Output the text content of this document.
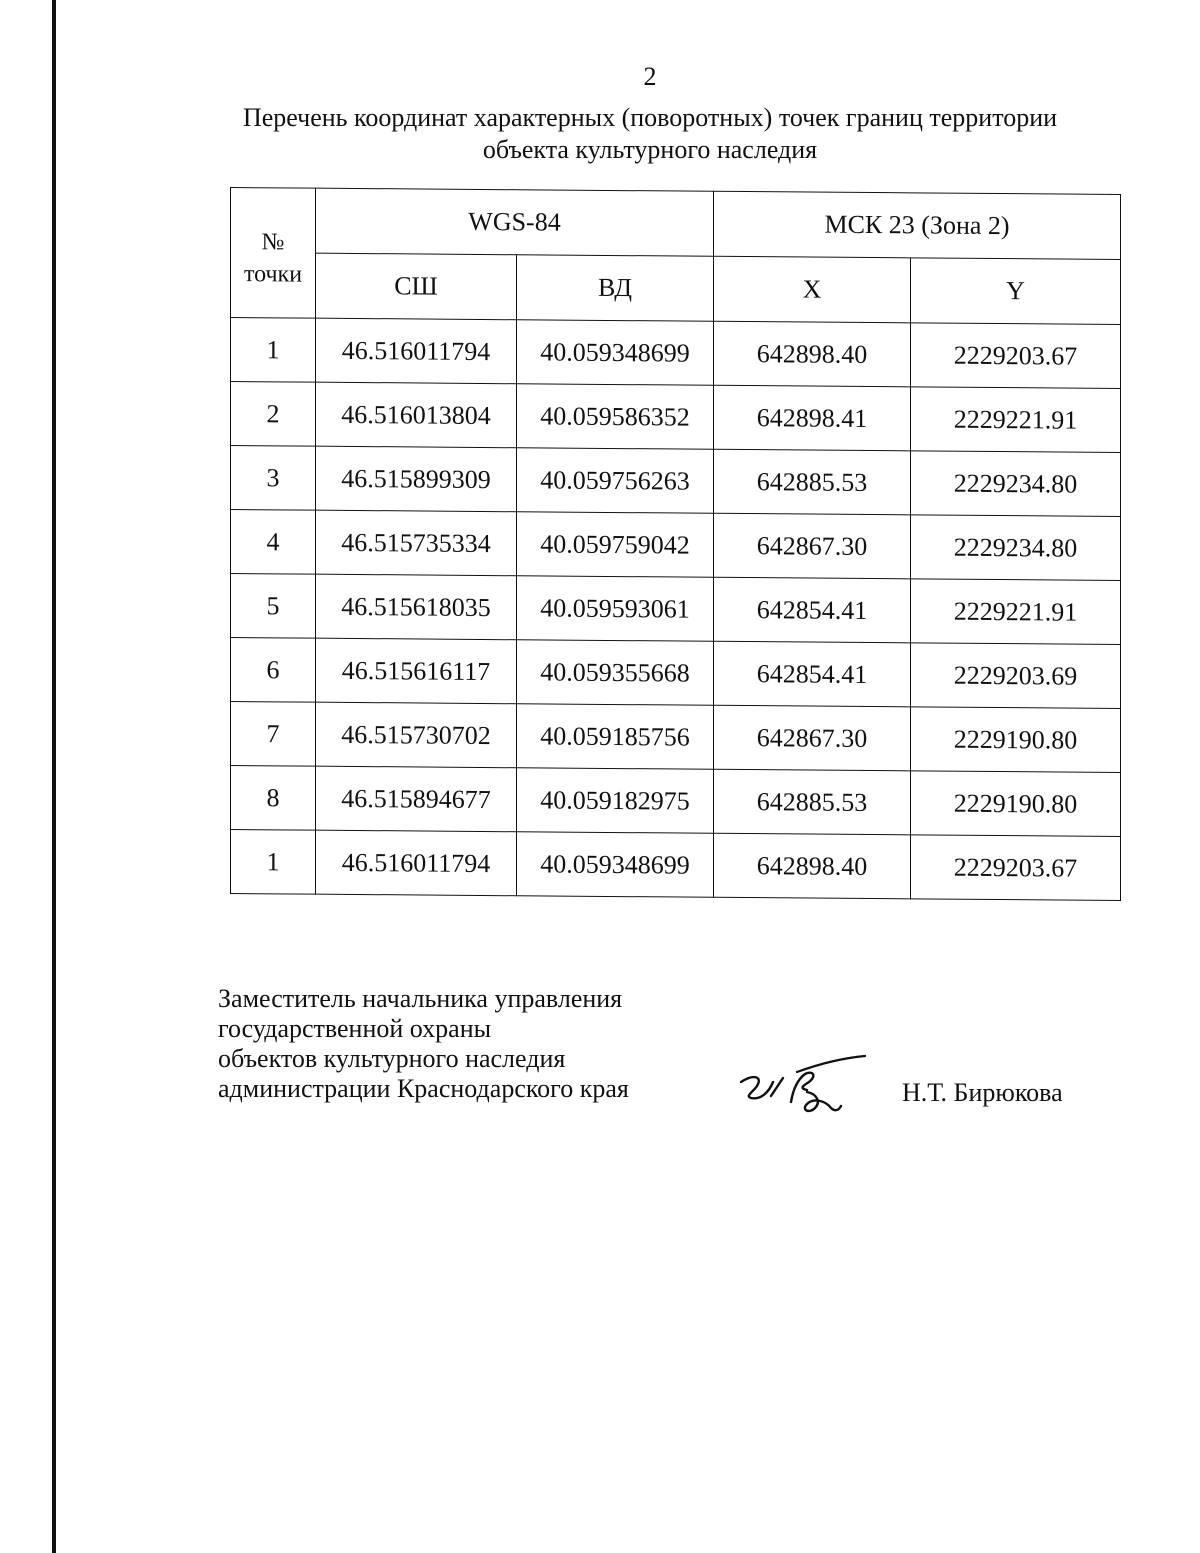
2
Перечень координат характерных (поворотных) точек границ территории
объекта культурного наследия
№
точки	WGS-84		МСК 23 (Зона 2)	
	СШ	ВД	X	Y
1	46.516011794	40.059348699	642898.40	2229203.67
2	46.516013804	40.059586352	642898.41	2229221.91
3	46.515899309	40.059756263	642885.53	2229234.80
4	46.515735334	40.059759042	642867.30	2229234.80
5	46.515618035	40.059593061	642854.41	2229221.91
6	46.515616117	40.059355668	642854.41	2229203.69
7	46.515730702	40.059185756	642867.30	2229190.80
8	46.515894677	40.059182975	642885.53	2229190.80
1	46.516011794	40.059348699	642898.40	2229203.67
Заместитель начальника управления
государственной охраны
объектов культурного наследия
администрации Краснодарского края	Н.Т. Бирюкова
